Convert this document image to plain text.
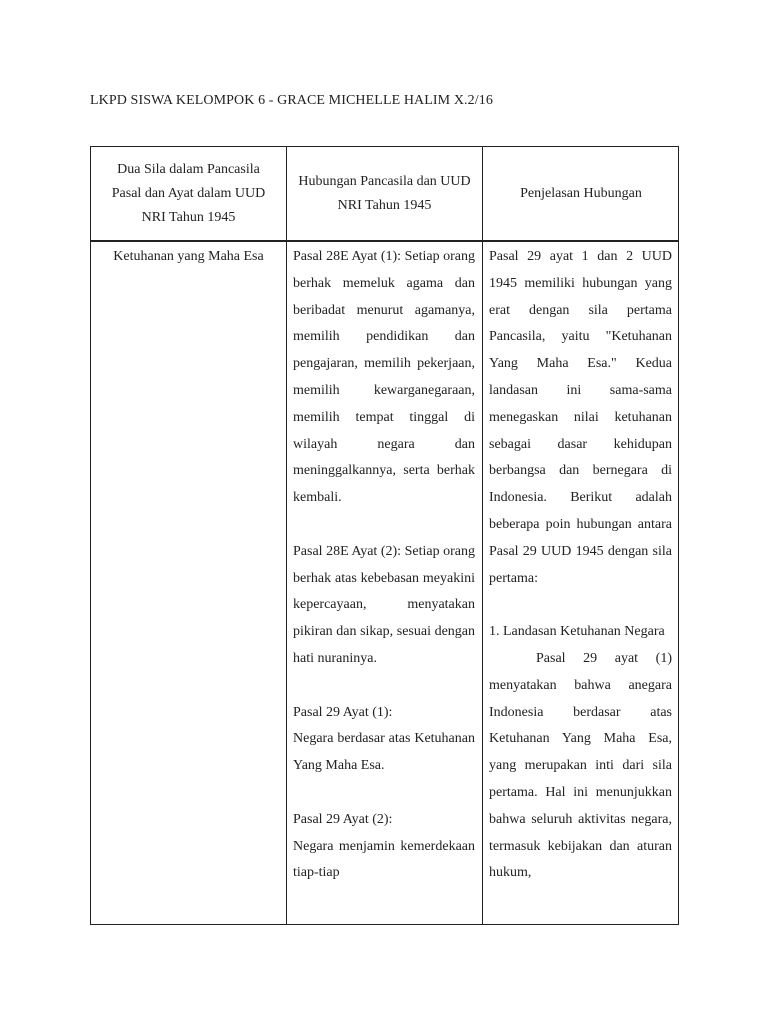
LKPD SISWA KELOMPOK 6 - GRACE MICHELLE HALIM X.2/16
Dua Sila dalam Pancasila Pasal dan Ayat dalam UUD NRI Tahun 1945
Hubungan Pancasila dan UUD NRI Tahun 1945
Penjelasan Hubungan
Ketuhanan yang Maha Esa	Pasal 28E Ayat (1): Setiap orang berhak memeluk agama dan beribadat menurut agamanya, memilih pendidikan dan pengajaran, memilih pekerjaan, memilih kewarganegaraan, memilih tempat tinggal di wilayah negara dan meninggalkannya, serta berhak kembali.

Pasal 28E Ayat (2): Setiap orang berhak atas kebebasan meyakini kepercayaan, menyatakan pikiran dan sikap, sesuai dengan hati nuraninya.

Pasal 29 Ayat (1):

Negara berdasar atas Ketuhanan Yang Maha Esa.

Pasal 29 Ayat (2):

Negara menjamin kemerdekaan tiap-tiap

Pasal 29 ayat 1 dan 2 UUD 1945 memiliki hubungan yang erat dengan sila pertama Pancasila, yaitu "Ketuhanan Yang Maha Esa." Kedua landasan ini sama-sama menegaskan nilai ketuhanan sebagai dasar kehidupan berbangsa dan bernegara di Indonesia. Berikut adalah beberapa poin hubungan antara Pasal 29 UUD 1945 dengan sila pertama:

1. Landasan Ketuhanan Negara

Pasal 29 ayat (1) menyatakan bahwa anegara Indonesia berdasar atas Ketuhanan Yang Maha Esa, yang merupakan inti dari sila pertama. Hal ini menunjukkan bahwa seluruh aktivitas negara, termasuk kebijakan dan aturan hukum,
